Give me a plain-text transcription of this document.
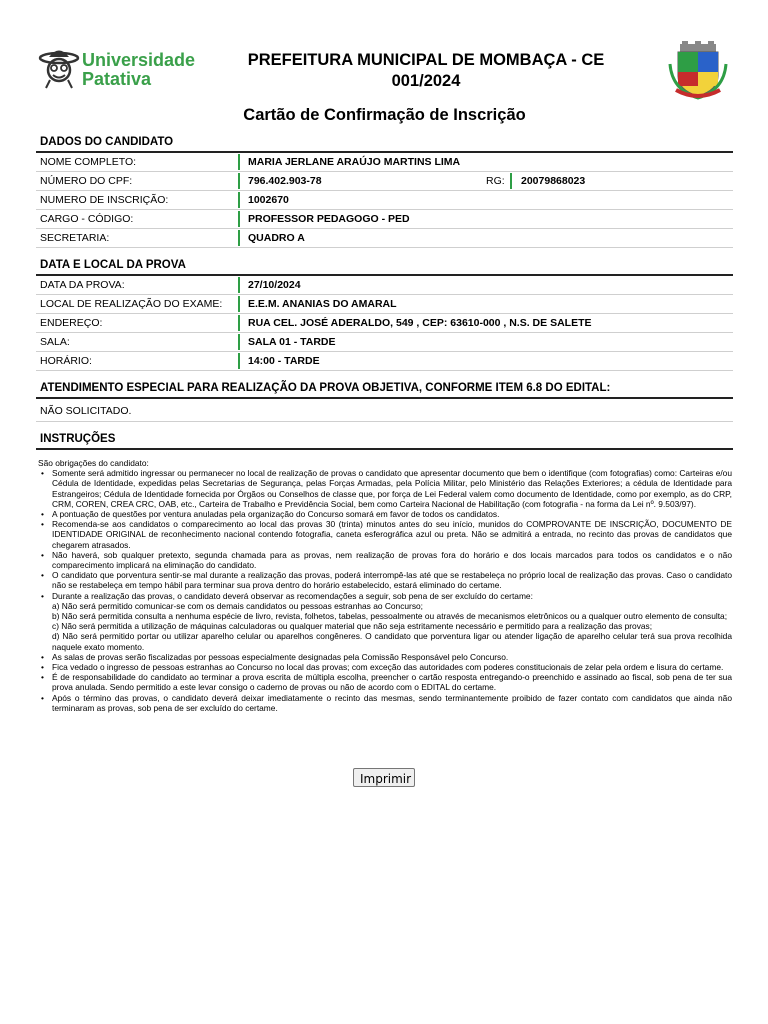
Universidade
Patativa
PREFEITURA MUNICIPAL DE MOMBAÇA - CE
001/2024
Cartão de Confirmação de Inscrição
DADOS DO CANDIDATO
NOME COMPLETO:	MARIA JERLANE ARAÚJO MARTINS LIMA
NÚMERO DO CPF:	796.402.903-78	RG: 20079868023
NUMERO DE INSCRIÇÃO:	1002670
CARGO - CÓDIGO:	PROFESSOR PEDAGOGO - PED
SECRETARIA:	QUADRO A
DATA E LOCAL DA PROVA
DATA DA PROVA:	27/10/2024
LOCAL DE REALIZAÇÃO DO EXAME: E.E.M. ANANIAS DO AMARAL
ENDEREÇO:	RUA CEL. JOSÉ ADERALDO, 549 , CEP: 63610-000 , N.S. DE SALETE
SALA:	SALA 01 - TARDE
HORÁRIO:	14:00 - TARDE
ATENDIMENTO ESPECIAL PARA REALIZAÇÃO DA PROVA OBJETIVA, CONFORME ITEM 6.8 DO EDITAL:
NÃO SOLICITADO.
INSTRUÇÕES

São obrigações do candidato:

• Somente será admitido ingressar ou permanecer no local de realização de provas o candidato que apresentar documento que bem o identifique (com fotografias) como: Carteiras e/ou Cédula de Identidade, expedidas pelas Secretarias de Segurança, pelas Forças Armadas, pela Polícia Militar, pelo Ministério das Relações Exteriores; a cédula de Identidade para Estrangeiros; Cédula de Identidade fornecida por Órgãos ou Conselhos de classe que, por força de Lei Federal valem como documento de Identidade, como por exemplo, as do CRP, CRM, COREN, CREA CRC, OAB, etc., Carteira de Trabalho e Previdência Social, bem como Carteira Nacional de Habilitação (com fotografia - na forma da Lei nº. 9.503/97).
• A pontuação de questões por ventura anuladas pela organização do Concurso somará em favor de todos os candidatos.
• Recomenda-se aos candidatos o comparecimento ao local das provas 30 (trinta) minutos antes do seu início, munidos do COMPROVANTE DE INSCRIÇÃO, DOCUMENTO DE IDENTIDADE ORIGINAL de reconhecimento nacional contendo fotografia, caneta esferográfica azul ou preta. Não se admitirá a entrada, no recinto das provas de candidatos que chegarem atrasados.
• Não haverá, sob qualquer pretexto, segunda chamada para as provas, nem realização de provas fora do horário e dos locais marcados para todos os candidatos e o não comparecimento implicará na eliminação do candidato.
• O candidato que porventura sentir-se mal durante a realização das provas, poderá interrompê-las até que se restabeleça no próprio local de realização das provas. Caso o candidato não se restabeleça em tempo hábil para terminar sua prova dentro do horário estabelecido, estará eliminado do certame.
• Durante a realização das provas, o candidato deverá observar as recomendações a seguir, sob pena de ser excluído do certame:
a) Não será permitido comunicar-se com os demais candidatos ou pessoas estranhas ao Concurso;
b) Não será permitida consulta a nenhuma espécie de livro, revista, folhetos, tabelas, pessoalmente ou através de mecanismos eletrônicos ou a qualquer outro elemento de consulta;
c) Não será permitida a utilização de máquinas calculadoras ou qualquer material que não seja estritamente necessário e permitido para a realização das provas;
d) Não será permitido portar ou utilizar aparelho celular ou aparelhos congêneres. O candidato que porventura ligar ou atender ligação de aparelho celular terá sua prova recolhida naquele exato momento.
• As salas de provas serão fiscalizadas por pessoas especialmente designadas pela Comissão Responsável pelo Concurso.
• Fica vedado o ingresso de pessoas estranhas ao Concurso no local das provas; com exceção das autoridades com poderes constitucionais de zelar pela ordem e lisura do certame.
• É de responsabilidade do candidato ao terminar a prova escrita de múltipla escolha, preencher o cartão resposta entregando-o preenchido e assinado ao fiscal, sob pena de ter sua prova anulada. Sendo permitido a este levar consigo o caderno de provas ou não de acordo com o EDITAL do certame.
• Após o término das provas, o candidato deverá deixar imediatamente o recinto das mesmas, sendo terminantemente proibido de fazer contato com candidatos que ainda não terminaram as provas, sob pena de ser excluído do certame.
Imprimir
